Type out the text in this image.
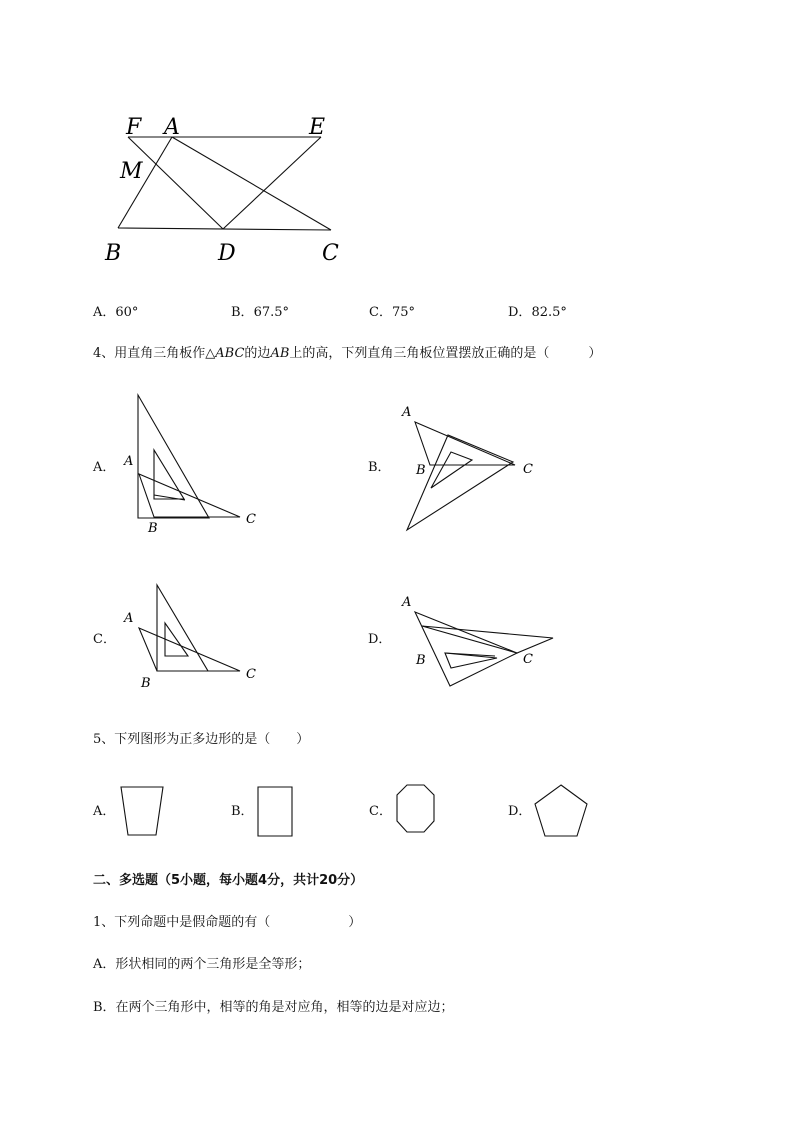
F A	E
M
B	D	C
A．60°	B．67.5°	C．75°	D．82.5°
4、用直角三角板作△ABC的边AB上的高，下列直角三角板位置摆放正确的是（　　　）
A． A
B
C
B．
A
B	C
C．
A
B
C
D．
A
B	C
5、下列图形为正多边形的是（　　）
A．	B．	C．	D．
二、多选题（5小题，每小题4分，共计20分）
1、下列命题中是假命题的有（　　　　　　）
A．形状相同的两个三角形是全等形；
B．在两个三角形中，相等的角是对应角，相等的边是对应边；
